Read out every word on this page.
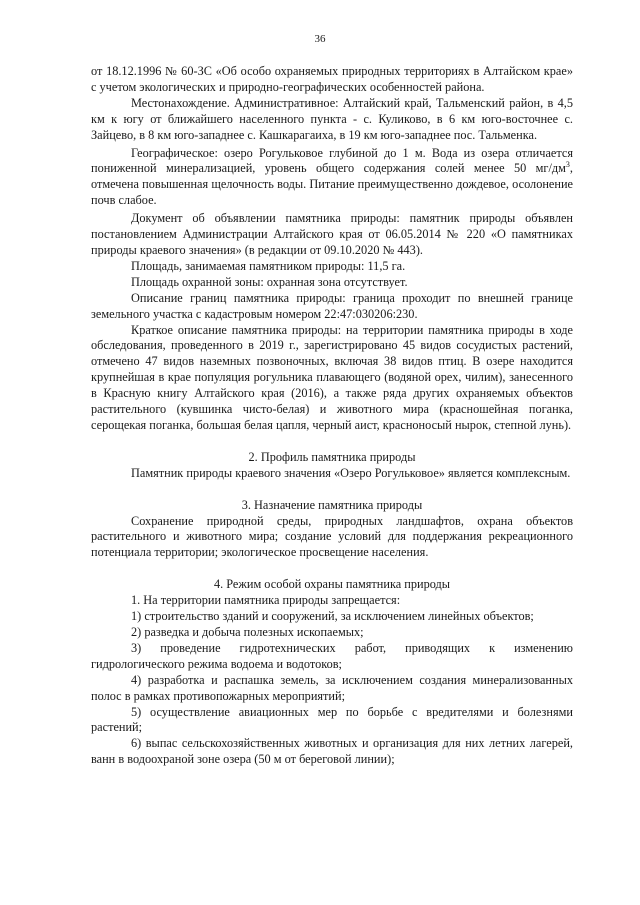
36

от 18.12.1996 № 60-ЗС «Об особо охраняемых природных территориях в Алтайском крае» с учетом экологических и природно-географических особенностей района.

Местонахождение. Административное: Алтайский край, Тальменский район, в 4,5 км к югу от ближайшего населенного пункта - с. Куликово, в 6 км юго-восточнее с. Зайцево, в 8 км юго-западнее с. Кашкарагаиха, в 19 км юго-западнее пос. Тальменка.

Географическое: озеро Рогульковое глубиной до 1 м. Вода из озера отличается пониженной минерализацией, уровень общего содержания солей менее 50 $мг/дм^3$, отмечена повышенная щелочность воды. Питание преимущественно дождевое, осолонение почв слабое.

Документ об объявлении памятника природы: памятник природы объявлен постановлением Администрации Алтайского края от 06.05.2014 № 220 «О памятниках природы краевого значения» (в редакции от 09.10.2020 № 443).

Площадь, занимаемая памятником природы: 11,5 га.

Площадь охранной зоны: охранная зона отсутствует.

Описание границ памятника природы: граница проходит по внешней границе земельного участка с кадастровым номером 22:47:030206:230.

Краткое описание памятника природы: на территории памятника природы в ходе обследования, проведенного в 2019 г., зарегистрировано 45 видов сосудистых растений, отмечено 47 видов наземных позвоночных, включая 38 видов птиц. В озере находится крупнейшая в крае популяция рогульника плавающего (водяной орех, чилим), занесенного в Красную книгу Алтайского края (2016), а также ряда других охраняемых объектов растительного (кувшинка чисто-белая) и животного мира (красношейная поганка, серощекая поганка, большая белая цапля, черный аист, красноносый нырок, степной лунь).

2. Профиль памятника природы

Памятник природы краевого значения «Озеро Рогульковое» является комплексным.

3. Назначение памятника природы

Сохранение природной среды, природных ландшафтов, охрана объектов растительного и животного мира; создание условий для поддержания рекреационного потенциала территории; экологическое просвещение населения.

4. Режим особой охраны памятника природы

1. На территории памятника природы запрещается:

1) строительство зданий и сооружений, за исключением линейных объектов;

2) разведка и добыча полезных ископаемых;

3) проведение гидротехнических работ, приводящих к изменению гидрологического режима водоема и водотоков;

4) разработка и распашка земель, за исключением создания минерализованных полос в рамках противопожарных мероприятий;

5) осуществление авиационных мер по борьбе с вредителями и болезнями растений;

6) выпас сельскохозяйственных животных и организация для них летних лагерей, ванн в водоохраной зоне озера (50 м от береговой линии);
